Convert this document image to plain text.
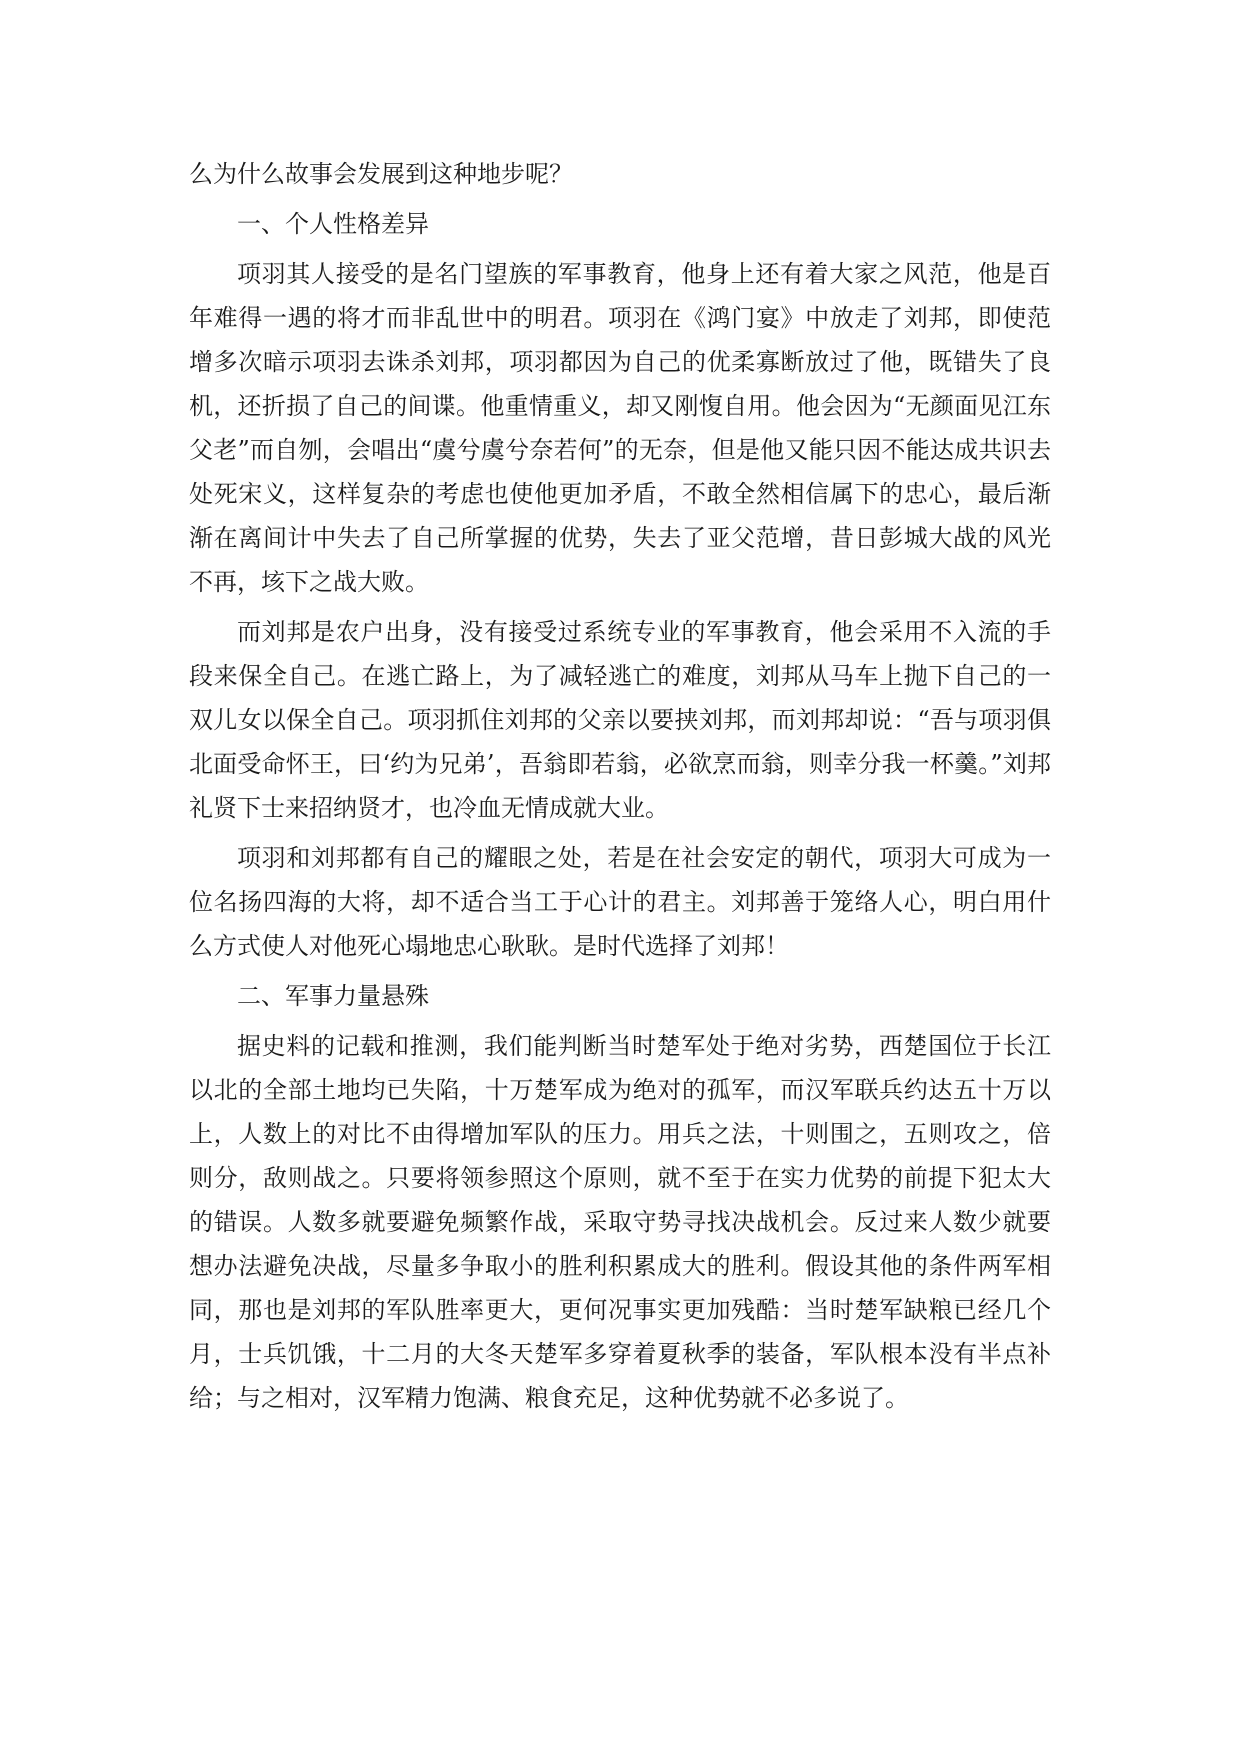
么为什么故事会发展到这种地步呢？

一、个人性格差异

项羽其人接受的是名门望族的军事教育，他身上还有着大家之风范，他是百年难得一遇的将才而非乱世中的明君。项羽在《鸿门宴》中放走了刘邦，即使范增多次暗示项羽去诛杀刘邦，项羽都因为自己的优柔寡断放过了他，既错失了良机，还折损了自己的间谍。他重情重义，却又刚愎自用。他会因为“无颜面见江东父老”而自刎，会唱出“虞兮虞兮奈若何”的无奈，但是他又能只因不能达成共识去处死宋义，这样复杂的考虑也使他更加矛盾，不敢全然相信属下的忠心，最后渐渐在离间计中失去了自己所掌握的优势，失去了亚父范增，昔日彭城大战的风光不再，垓下之战大败。

而刘邦是农户出身，没有接受过系统专业的军事教育，他会采用不入流的手段来保全自己。在逃亡路上，为了减轻逃亡的难度，刘邦从马车上抛下自己的一双儿女以保全自己。项羽抓住刘邦的父亲以要挟刘邦，而刘邦却说：“吾与项羽俱北面受命怀王，曰‘约为兄弟’，吾翁即若翁，必欲烹而翁，则幸分我一杯羹。”刘邦礼贤下士来招纳贤才，也冷血无情成就大业。

项羽和刘邦都有自己的耀眼之处，若是在社会安定的朝代，项羽大可成为一位名扬四海的大将，却不适合当工于心计的君主。刘邦善于笼络人心，明白用什么方式使人对他死心塌地忠心耿耿。是时代选择了刘邦！

二、军事力量悬殊

据史料的记载和推测，我们能判断当时楚军处于绝对劣势，西楚国位于长江以北的全部土地均已失陷，十万楚军成为绝对的孤军，而汉军联兵约达五十万以上，人数上的对比不由得增加军队的压力。用兵之法，十则围之，五则攻之，倍则分，敌则战之。只要将领参照这个原则，就不至于在实力优势的前提下犯太大的错误。人数多就要避免频繁作战，采取守势寻找决战机会。反过来人数少就要想办法避免决战，尽量多争取小的胜利积累成大的胜利。假设其他的条件两军相同，那也是刘邦的军队胜率更大，更何况事实更加残酷：当时楚军缺粮已经几个月，士兵饥饿，十二月的大冬天楚军多穿着夏秋季的装备，军队根本没有半点补给；与之相对，汉军精力饱满、粮食充足，这种优势就不必多说了。
